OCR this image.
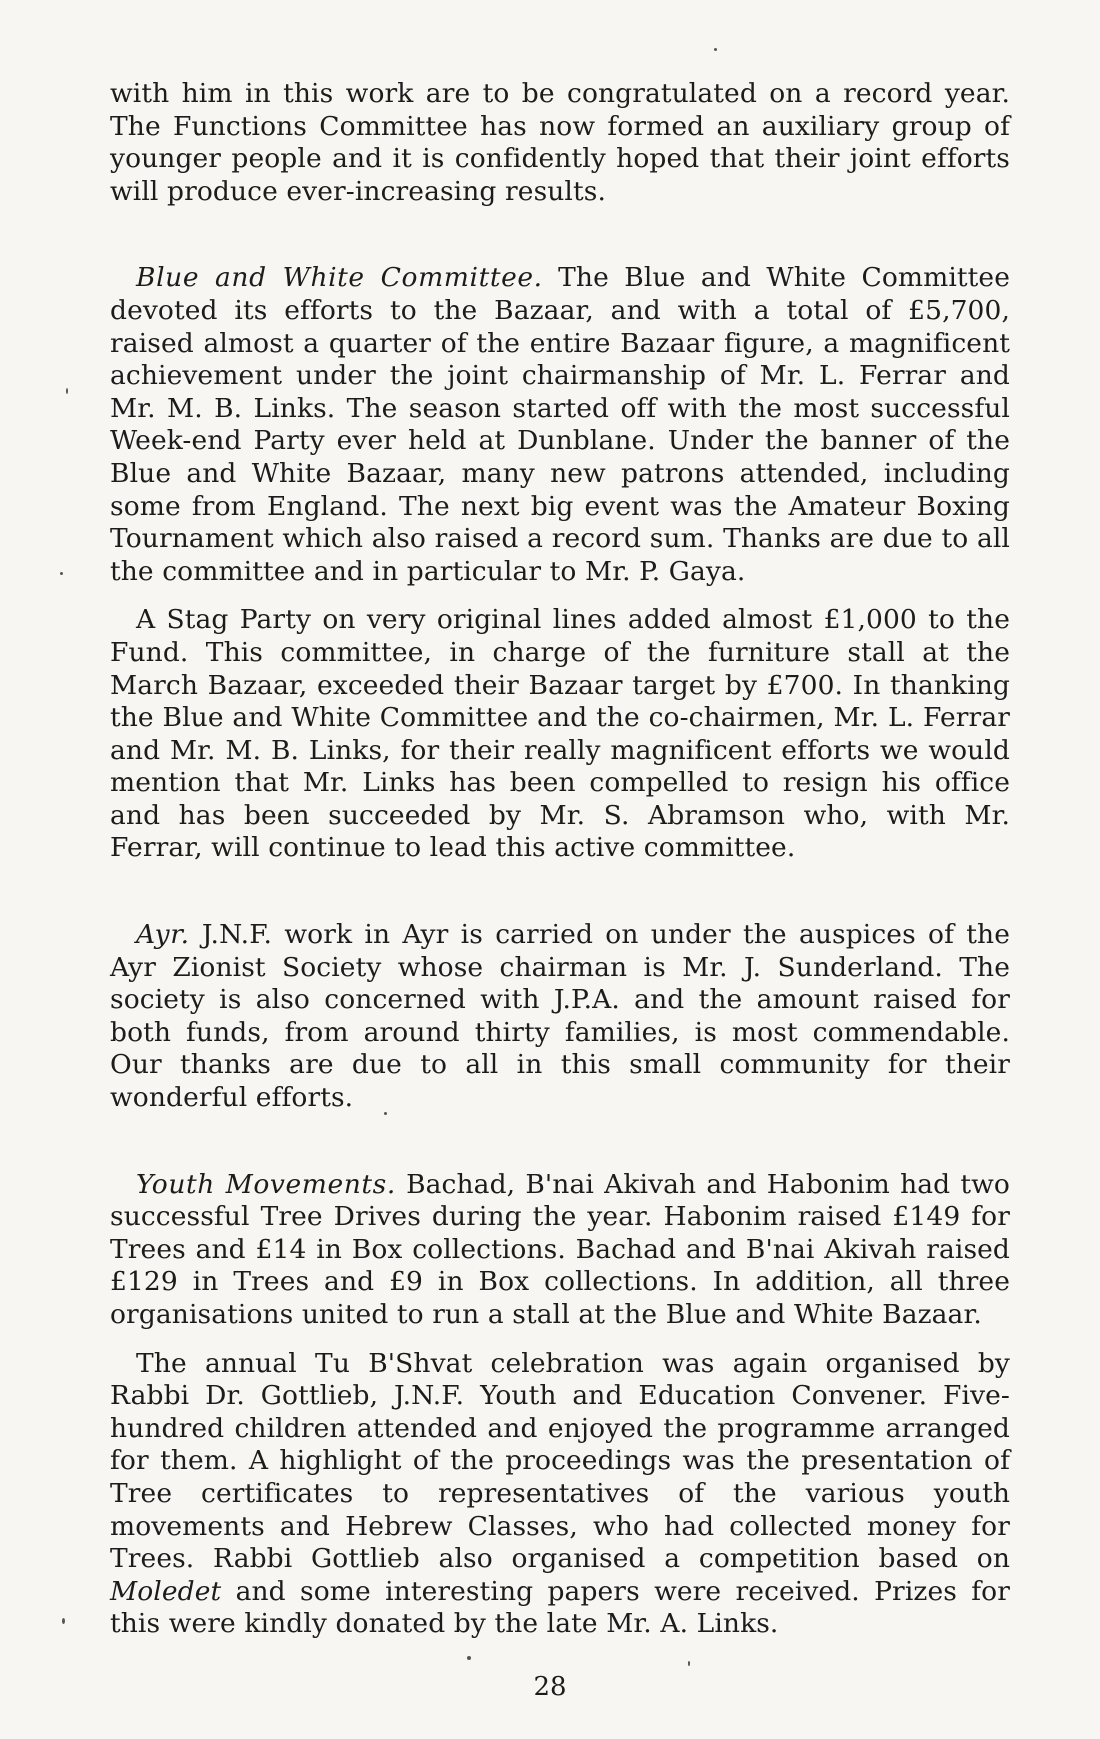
with him in this work are to be congratulated on a record year. The Functions Committee has now formed an auxiliary group of younger people and it is confidently hoped that their joint efforts will produce ever-increasing results.

Blue and White Committee. The Blue and White Committee devoted its efforts to the Bazaar, and with a total of £5,700, raised almost a quarter of the entire Bazaar figure, a magnificent achievement under the joint chairmanship of Mr. L. Ferrar and Mr. M. B. Links. The season started off with the most successful Week-end Party ever held at Dunblane. Under the banner of the Blue and White Bazaar, many new patrons attended, including some from England. The next big event was the Amateur Boxing Tournament which also raised a record sum. Thanks are due to all the committee and in particular to Mr. P. Gaya.

A Stag Party on very original lines added almost £1,000 to the Fund. This committee, in charge of the furniture stall at the March Bazaar, exceeded their Bazaar target by £700. In thanking the Blue and White Committee and the co-chairmen, Mr. L. Ferrar and Mr. M. B. Links, for their really magnificent efforts we would mention that Mr. Links has been compelled to resign his office and has been succeeded by Mr. S. Abramson who, with Mr. Ferrar, will continue to lead this active committee.

Ayr. J.N.F. work in Ayr is carried on under the auspices of the Ayr Zionist Society whose chairman is Mr. J. Sunderland. The society is also concerned with J.P.A. and the amount raised for both funds, from around thirty families, is most commendable. Our thanks are due to all in this small community for their wonderful efforts.

Youth Movements. Bachad, B'nai Akivah and Habonim had two successful Tree Drives during the year. Habonim raised £149 for Trees and £14 in Box collections. Bachad and B'nai Akivah raised £129 in Trees and £9 in Box collections. In addition, all three organisations united to run a stall at the Blue and White Bazaar.

The annual Tu B'Shvat celebration was again organised by Rabbi Dr. Gottlieb, J.N.F. Youth and Education Convener. Five-hundred children attended and enjoyed the programme arranged for them. A highlight of the proceedings was the presentation of Tree certificates to representatives of the various youth movements and Hebrew Classes, who had collected money for Trees. Rabbi Gottlieb also organised a competition based on Moledet and some interesting papers were received. Prizes for this were kindly donated by the late Mr. A. Links.

28
